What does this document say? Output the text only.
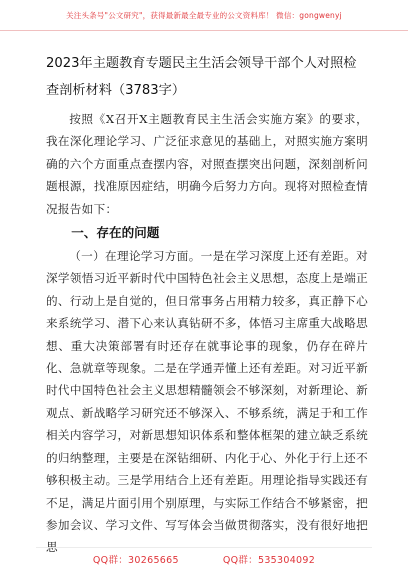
关注头条号"公文研究"，获得最新最全最专业的公文资料库！ 微信：gongwenyj

2023年主题教育专题民主生活会领导干部个人对照检查剖析材料（3783字）

按照《X召开X主题教育民主生活会实施方案》的要求，我在深化理论学习、广泛征求意见的基础上，对照实施方案明确的六个方面重点查摆内容，对照查摆突出问题，深刻剖析问题根源，找准原因症结，明确今后努力方向。现将对照检查情况报告如下：

一、存在的问题

（一）在理论学习方面。一是在学习深度上还有差距。对深学领悟习近平新时代中国特色社会主义思想，态度上是端正的、行动上是自觉的，但日常事务占用精力较多，真正静下心来系统学习、潜下心来认真钻研不多，体悟习主席重大战略思想、重大决策部署有时还存在就事论事的现象，仍存在碎片化、急就章等现象。二是在学通弄懂上还有差距。对习近平新时代中国特色社会主义思想精髓领会不够深刻，对新理论、新观点、新战略学习研究还不够深入、不够系统，满足于和工作相关内容学习，对新思想知识体系和整体框架的建立缺乏系统的归纳整理，主要是在深钻细研、内化于心、外化于行上还不够积极主动。三是学用结合上还有差距。用理论指导实践还有不足，满足片面引用个别原理，与实际工作结合不够紧密，把参加会议、学习文件、写写体会当做贯彻落实，没有很好地把思

QQ群：30265665	QQ群：535304092
